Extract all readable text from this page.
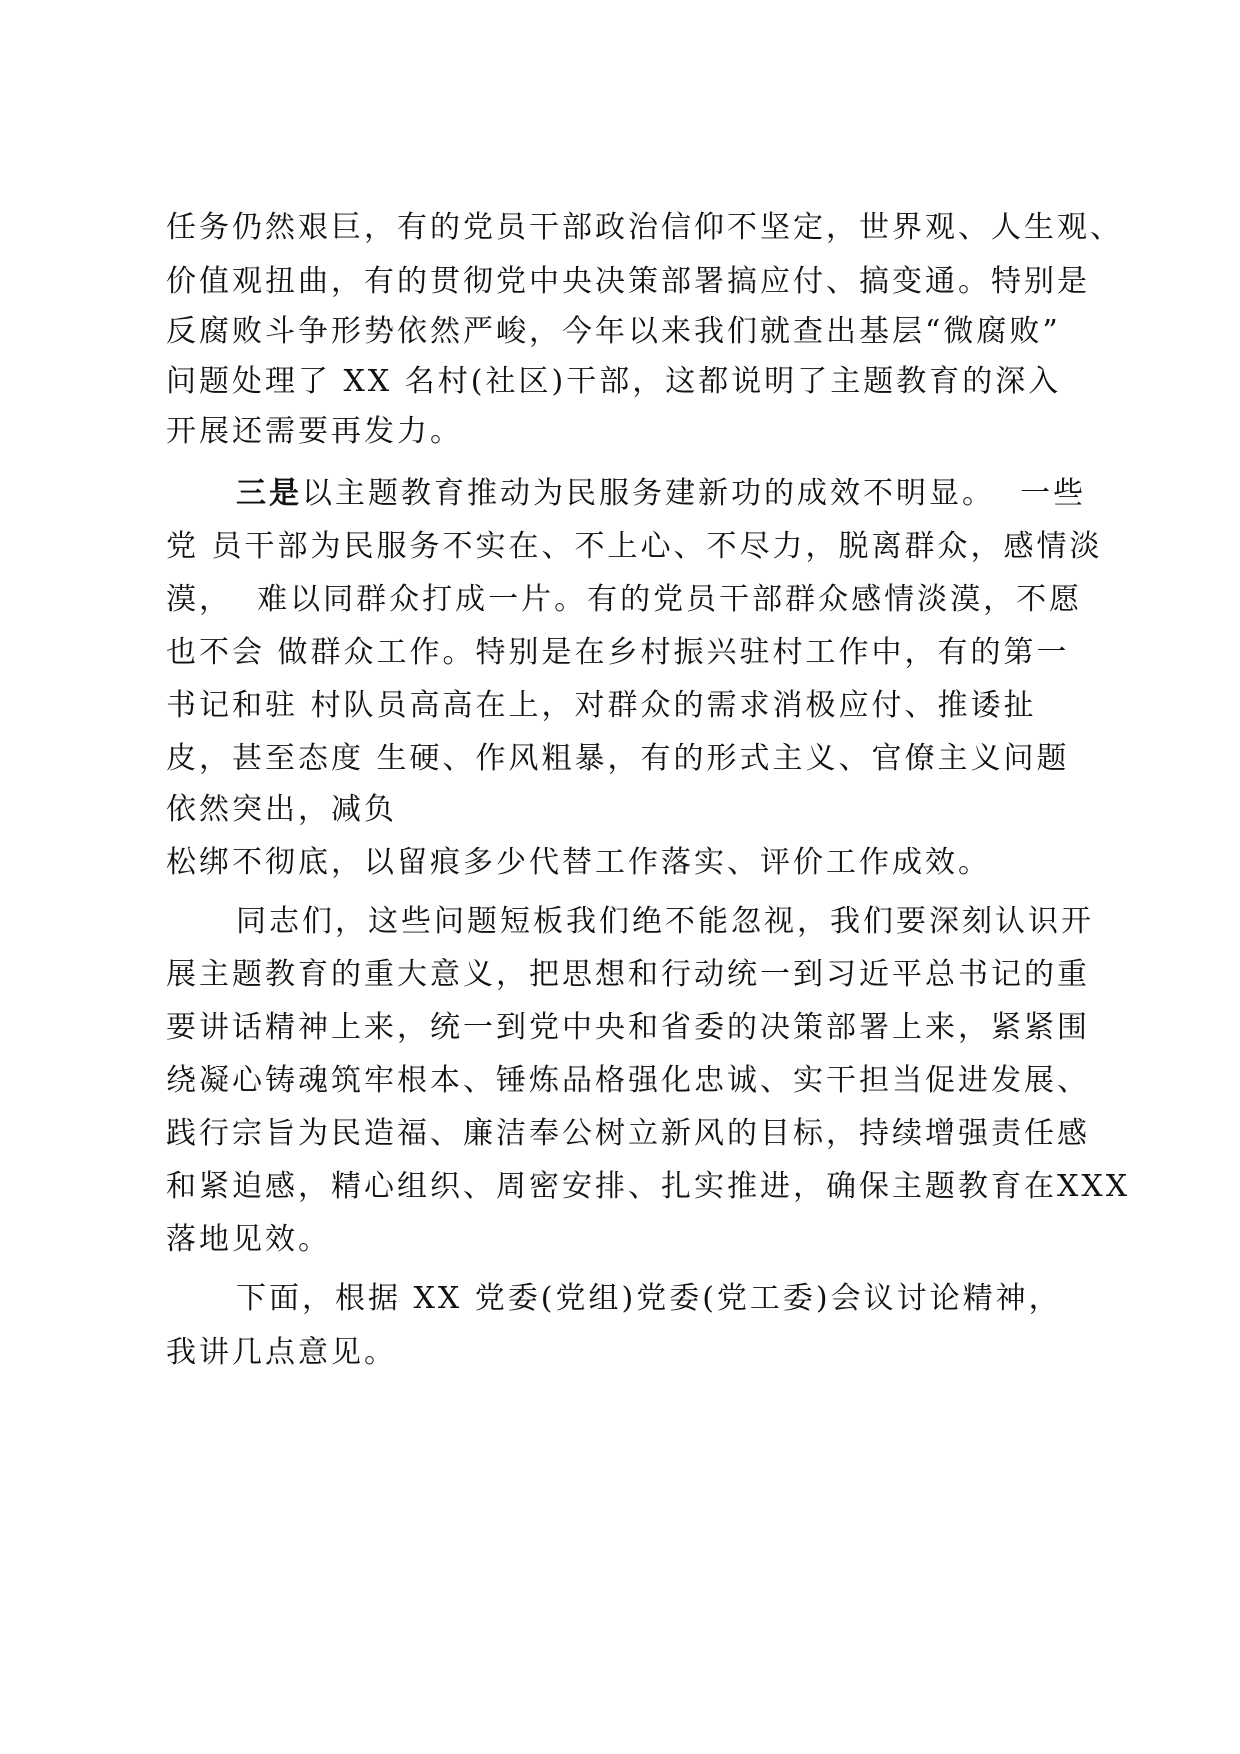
任务仍然艰巨，有的党员干部政治信仰不坚定，世界观、人生观、
价值观扭曲，有的贯彻党中央决策部署搞应付、搞变通。特别是
反腐败斗争形势依然严峻，今年以来我们就查出基层“微腐败”
问题处理了 XX 名村(社区)干部，这都说明了主题教育的深入
开展还需要再发力。
三是以主题教育推动为民服务建新功的成效不明显。  一些
党 员干部为民服务不实在、不上心、不尽力，脱离群众，感情淡
漠，  难以同群众打成一片。有的党员干部群众感情淡漠，不愿
也不会 做群众工作。特别是在乡村振兴驻村工作中，有的第一
书记和驻 村队员高高在上，对群众的需求消极应付、推诿扯
皮，甚至态度 生硬、作风粗暴，有的形式主义、官僚主义问题
依然突出，减负
松绑不彻底，以留痕多少代替工作落实、评价工作成效。
同志们，这些问题短板我们绝不能忽视，我们要深刻认识开
展主题教育的重大意义，把思想和行动统一到习近平总书记的重
要讲话精神上来，统一到党中央和省委的决策部署上来，紧紧围
绕凝心铸魂筑牢根本、锤炼品格强化忠诚、实干担当促进发展、
践行宗旨为民造福、廉洁奉公树立新风的目标，持续增强责任感
和紧迫感，精心组织、周密安排、扎实推进，确保主题教育在XXX
落地见效。
下面，根据 XX 党委(党组)党委(党工委)会议讨论精神，
我讲几点意见。
